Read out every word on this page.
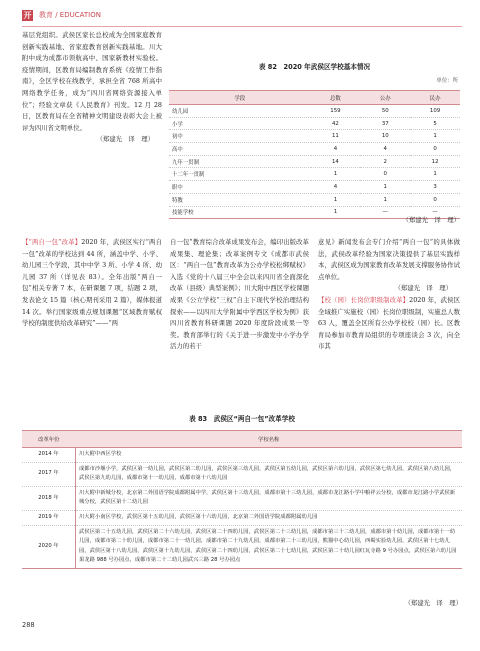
开 教育 / EDUCATION

基层党组织。武侯区家长总校成为全国家庭教育创新实践基地、省家庭教育创新实践基地。川大附中成为成都市领航高中、国家新教材实验校。疫情期间，区教育局编制教育系统《疫情工作指南》，全区学校在线教学，承担全省 768 所高中网络教学任务，成为“四川省网络资源接入单位”；经验文章获《人民教育》刊发。12 月 28 日，区教育局在全省精神文明建设表彰大会上被评为四川省文明单位。

（郑建光　译　理）

表 82　2020 年武侯区学校基本情况
单位：所
学段	总数	公办	民办
幼儿园	159	50	109
小学	42	37	5
初中	11	10	1
高中	4	4	0
九年一贯制	14	2	12
十二年一贯制	1	0	1
职中	4	1	3
特教	1	1	0
技能学校	1	—	—
（郑建光　译　理）

【“两自一包”改革】2020 年，武侯区实行“两自一包”改革的学校达到 44 所，涵盖中学、小学、幼儿园三个学段，其中中学 3 所、小学 4 所、幼儿园 37 所（详见表 83）。全年出版“两自一包”相关专著 7 本，在研课题 7 项，结题 2 项，发表论文 15 篇（核心期刊采用 2 篇），媒体报道 14 次。举行国家级重点规划课题“区域教育赋权学校的制度供给改革研究”——“两

自一包”教育综合改革成果发布会，编印出版改革成果集、理论集；改革案例专文《成都市武侯区：“两自一包”教育改革为公办学校松绑赋权》入选《党的十八届三中全会以来四川省全面深化改革（县级）典型案例》；川大附中西区学校课题成果《公立学校“三权”自主下现代学校治理结构探索——以四川大学附属中学西区学校为例》获四川省教育科研课题 2020 年度阶段成果一等奖。教育部举行的《关于进一步激发中小学办学活力的若干

意见》新闻发布会专门介绍“两自一包”的具体做法，武侯改革经验为国家决策提供了基层实践样本，武侯区成为国家教育改革发展支撑服务协作试点单位。

（郑建光　译　理）

【校（园）长岗位职级制改革】2020 年，武侯区全域推广实施校（园）长岗位职级制，实施总人数 63 人，覆盖全区所有公办学校校（园）长。区教育局参加市教育局组织的专项座谈会 3 次，向全市其

表 83　武侯区“两自一包”改革学校
改革年份	学校名称
2014 年	川大附中西区学校
2017 年	成都市沙堰小学，武侯区第一幼儿园，武侯区第二幼儿园，武侯区第三幼儿园，武侯区第五幼儿园，武侯区第六幼儿园，武侯区第七幼儿园，武侯区第八幼儿园，武侯区第九幼儿园，成都市第十一幼儿园，成都市第十八幼儿园
2018 年	川大附中新城分校，北京第二外国语学院成都附属中学，武侯区第十三幼儿园，成都市第十三幼儿园，成都市龙江路小学中粮祥云分校，成都市龙江路小学武侯新城分校，武侯区第十二幼儿园
2019 年	川大附小南区学校，武侯区第十五幼儿园，武侯区第十六幼儿园，北京第二外国语学院成都附属幼儿园
2020 年	武侯区第二十五幼儿园，武侯区第二十六幼儿园，武侯区第二十四幼儿园，武侯区第二十三幼儿园，成都市第三十二幼儿园，成都市第十幼儿园，成都市第十一幼儿园，成都市第二十幼儿园，成都市第二十一幼儿园，成都市第二十九幼儿园，成都市第二十三幼儿园，熊猫中心幼儿园，西蜀实验幼儿园，武侯区第十七幼儿园，武侯区第十八幼儿园，武侯区第十九幼儿园，武侯区第二十四幼儿园，武侯区第二十七幼儿园，武侯区第二十幼儿园红瓦寺路 9 号办园点，武侯区第六幼儿园果龙路 988 号办园点，成都市第二十二幼儿园武兴三路 28 号办园点
（郑建光　译　理）
288
